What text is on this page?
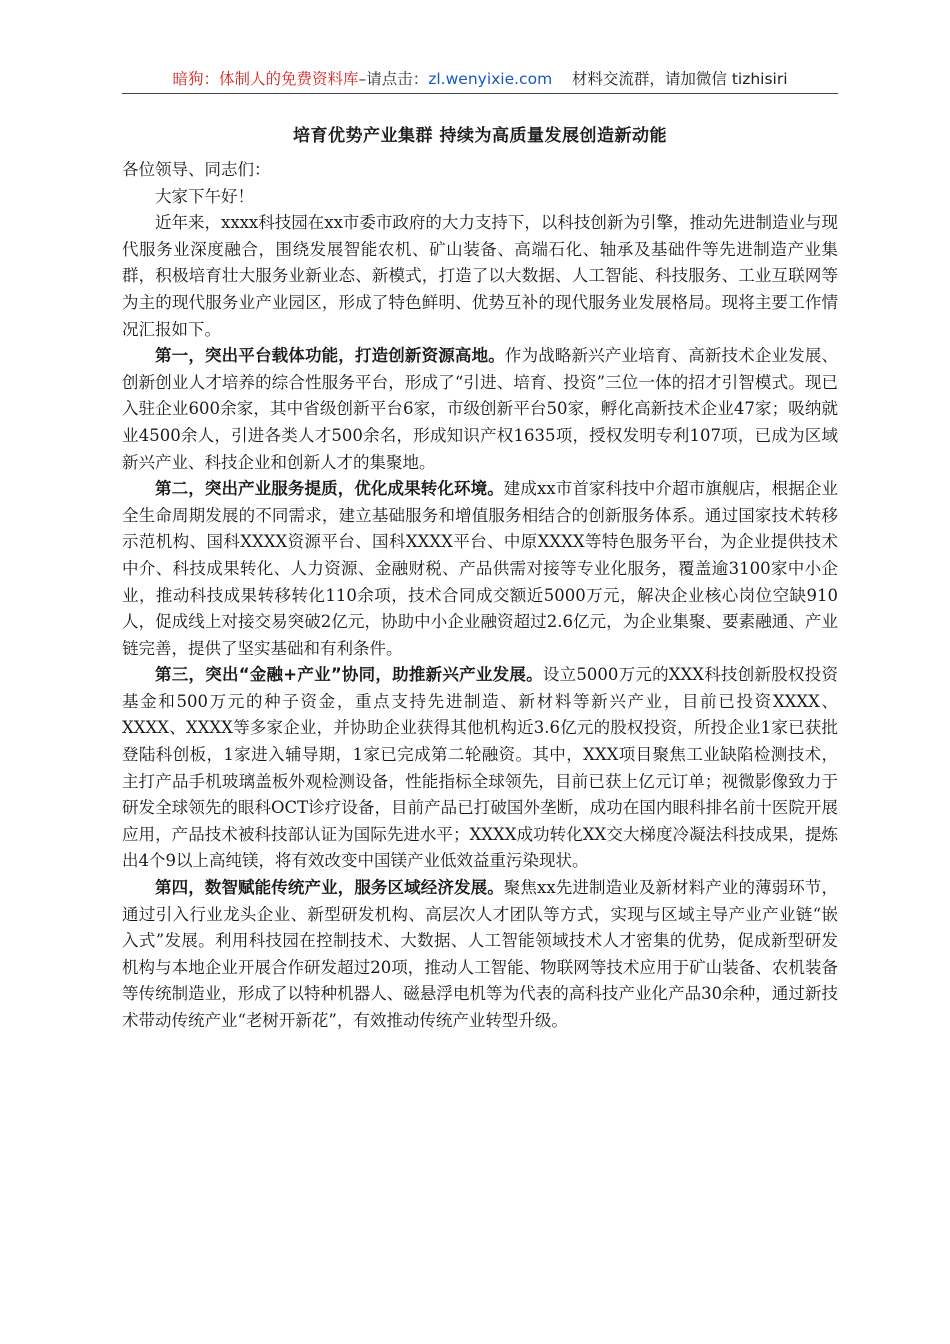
暗狗：体制人的免费资料库–请点击：zl.wenyixie.com 材料交流群，请加微信 tizhisiri
培育优势产业集群 持续为高质量发展创造新动能

各位领导、同志们：

大家下午好！

近年来，xxxx科技园在xx市委市政府的大力支持下，以科技创新为引擎，推动先进制造业与现代服务业深度融合，围绕发展智能农机、矿山装备、高端石化、轴承及基础件等先进制造产业集群，积极培育壮大服务业新业态、新模式，打造了以大数据、人工智能、科技服务、工业互联网等为主的现代服务业产业园区，形成了特色鲜明、优势互补的现代服务业发展格局。现将主要工作情况汇报如下。

第一，突出平台载体功能，打造创新资源高地。作为战略新兴产业培育、高新技术企业发展、创新创业人才培养的综合性服务平台，形成了“引进、培育、投资”三位一体的招才引智模式。现已入驻企业600余家，其中省级创新平台6家，市级创新平台50家，孵化高新技术企业47家；吸纳就业4500余人，引进各类人才500余名，形成知识产权1635项，授权发明专利107项，已成为区域新兴产业、科技企业和创新人才的集聚地。

第二，突出产业服务提质，优化成果转化环境。建成xx市首家科技中介超市旗舰店，根据企业全生命周期发展的不同需求，建立基础服务和增值服务相结合的创新服务体系。通过国家技术转移示范机构、国科XXXX资源平台、国科XXXX平台、中原XXXX等特色服务平台，为企业提供技术中介、科技成果转化、人力资源、金融财税、产品供需对接等专业化服务，覆盖逾3100家中小企业，推动科技成果转移转化110余项，技术合同成交额近5000万元，解决企业核心岗位空缺910人，促成线上对接交易突破2亿元，协助中小企业融资超过2.6亿元，为企业集聚、要素融通、产业链完善，提供了坚实基础和有利条件。

第三，突出“金融+产业”协同，助推新兴产业发展。设立5000万元的XXX科技创新股权投资基金和500万元的种子资金，重点支持先进制造、新材料等新兴产业，目前已投资XXXX、XXXX、XXXX等多家企业，并协助企业获得其他机构近3.6亿元的股权投资，所投企业1家已获批登陆科创板，1家进入辅导期，1家已完成第二轮融资。其中，XXX项目聚焦工业缺陷检测技术，主打产品手机玻璃盖板外观检测设备，性能指标全球领先，目前已获上亿元订单；视微影像致力于研发全球领先的眼科OCT诊疗设备，目前产品已打破国外垄断，成功在国内眼科排名前十医院开展应用，产品技术被科技部认证为国际先进水平；XXXX成功转化XX交大梯度冷凝法科技成果，提炼出4个9以上高纯镁，将有效改变中国镁产业低效益重污染现状。

第四，数智赋能传统产业，服务区域经济发展。聚焦xx先进制造业及新材料产业的薄弱环节，通过引入行业龙头企业、新型研发机构、高层次人才团队等方式，实现与区域主导产业产业链“嵌入式”发展。利用科技园在控制技术、大数据、人工智能领域技术人才密集的优势，促成新型研发机构与本地企业开展合作研发超过20项，推动人工智能、物联网等技术应用于矿山装备、农机装备等传统制造业，形成了以特种机器人、磁悬浮电机等为代表的高科技产业化产品30余种，通过新技术带动传统产业“老树开新花”，有效推动传统产业转型升级。
